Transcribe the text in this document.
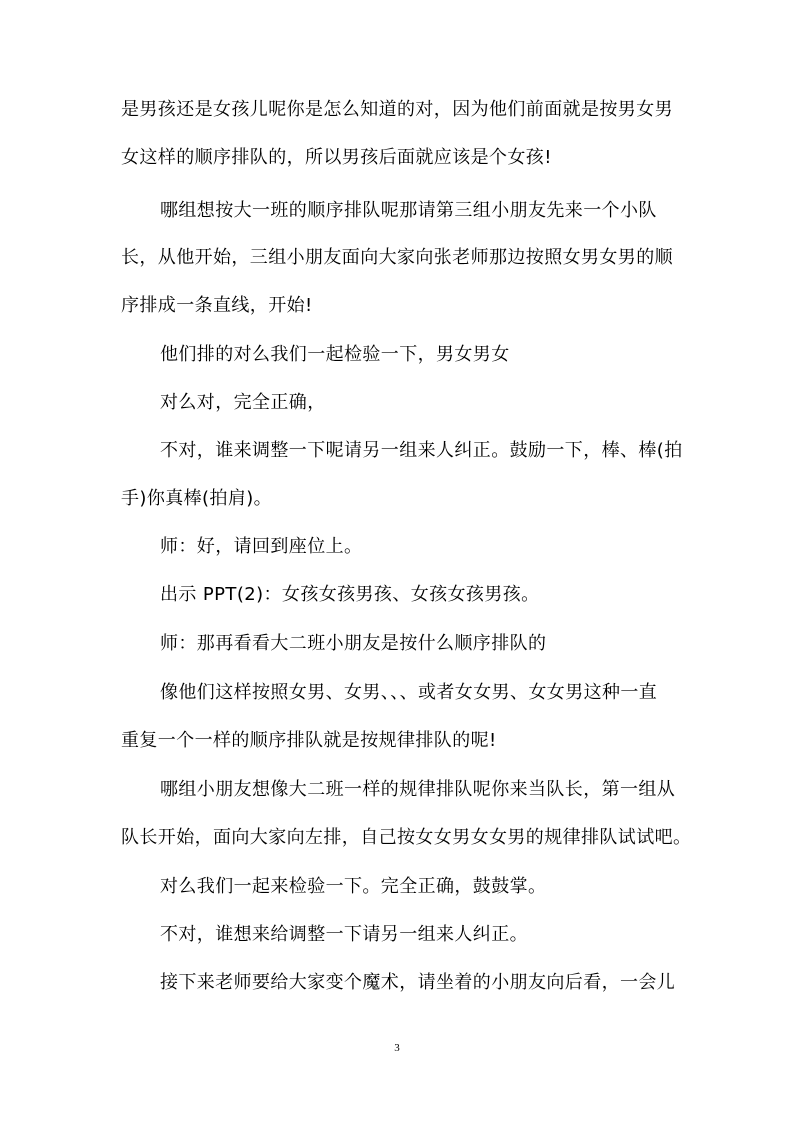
是男孩还是女孩儿呢你是怎么知道的对，因为他们前面就是按男女男
女这样的顺序排队的，所以男孩后面就应该是个女孩!
哪组想按大一班的顺序排队呢那请第三组小朋友先来一个小队
长，从他开始，三组小朋友面向大家向张老师那边按照女男女男的顺
序排成一条直线，开始!
他们排的对么我们一起检验一下，男女男女
对么对，完全正确，
不对，谁来调整一下呢请另一组来人纠正。鼓励一下，棒、棒(拍
手)你真棒(拍肩)。
师：好，请回到座位上。
出示 PPT(2)：女孩女孩男孩、女孩女孩男孩。
师：那再看看大二班小朋友是按什么顺序排队的
像他们这样按照女男、女男、、、或者女女男、女女男这种一直
重复一个一样的顺序排队就是按规律排队的呢!
哪组小朋友想像大二班一样的规律排队呢你来当队长，第一组从
队长开始，面向大家向左排，自己按女女男女女男的规律排队试试吧。
对么我们一起来检验一下。完全正确，鼓鼓掌。
不对，谁想来给调整一下请另一组来人纠正。
接下来老师要给大家变个魔术，请坐着的小朋友向后看，一会儿
3
